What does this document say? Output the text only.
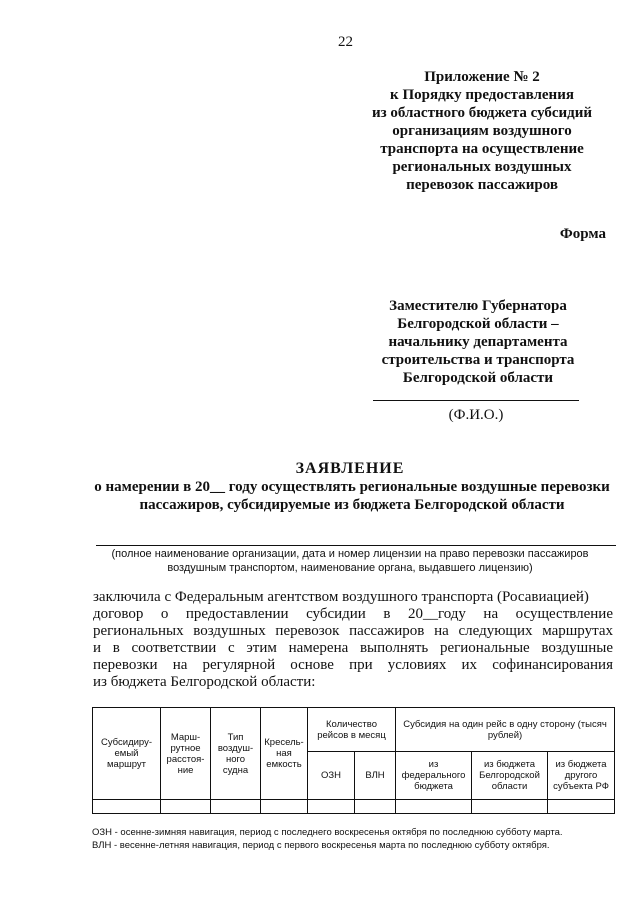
22
Приложение № 2
к Порядку предоставления
из областного бюджета субсидий
организациям воздушного
транспорта на осуществление
региональных воздушных
перевозок пассажиров
Форма
Заместителю Губернатора
Белгородской области –
начальнику департамента
строительства и транспорта
Белгородской области
(Ф.И.О.)
ЗАЯВЛЕНИЕ
о намерении в 20__ году осуществлять региональные воздушные перевозки
пассажиров, субсидируемые из бюджета Белгородской области
(полное наименование организации, дата и номер лицензии на право перевозки пассажиров
воздушным транспортом, наименование органа, выдавшего лицензию)
заключила с Федеральным агентством воздушного транспорта (Росавиацией)
договор о предоставлении субсидии в 20__году на осуществление
региональных воздушных перевозок пассажиров на следующих маршрутах
и в соответствии с этим намерена выполнять региональные воздушные
перевозки на регулярной основе при условиях их софинансирования
из бюджета Белгородской области:
Субсидиру-емый маршрут	Марш-рутное расстоя-ние	Тип воздуш-ного судна	Кресель-ная емкость	Количество рейсов в месяц		Субсидия на один рейс в одну сторону (тысяч рублей)		
				ОЗН	ВЛН	из федерального бюджета	из бюджета Белгородской области	из бюджета другого субъекта РФ

ОЗН - осенне-зимняя навигация, период с последнего воскресенья октября по последнюю субботу марта.
ВЛН - весенне-летняя навигация, период с первого воскресенья марта по последнюю субботу октября.
